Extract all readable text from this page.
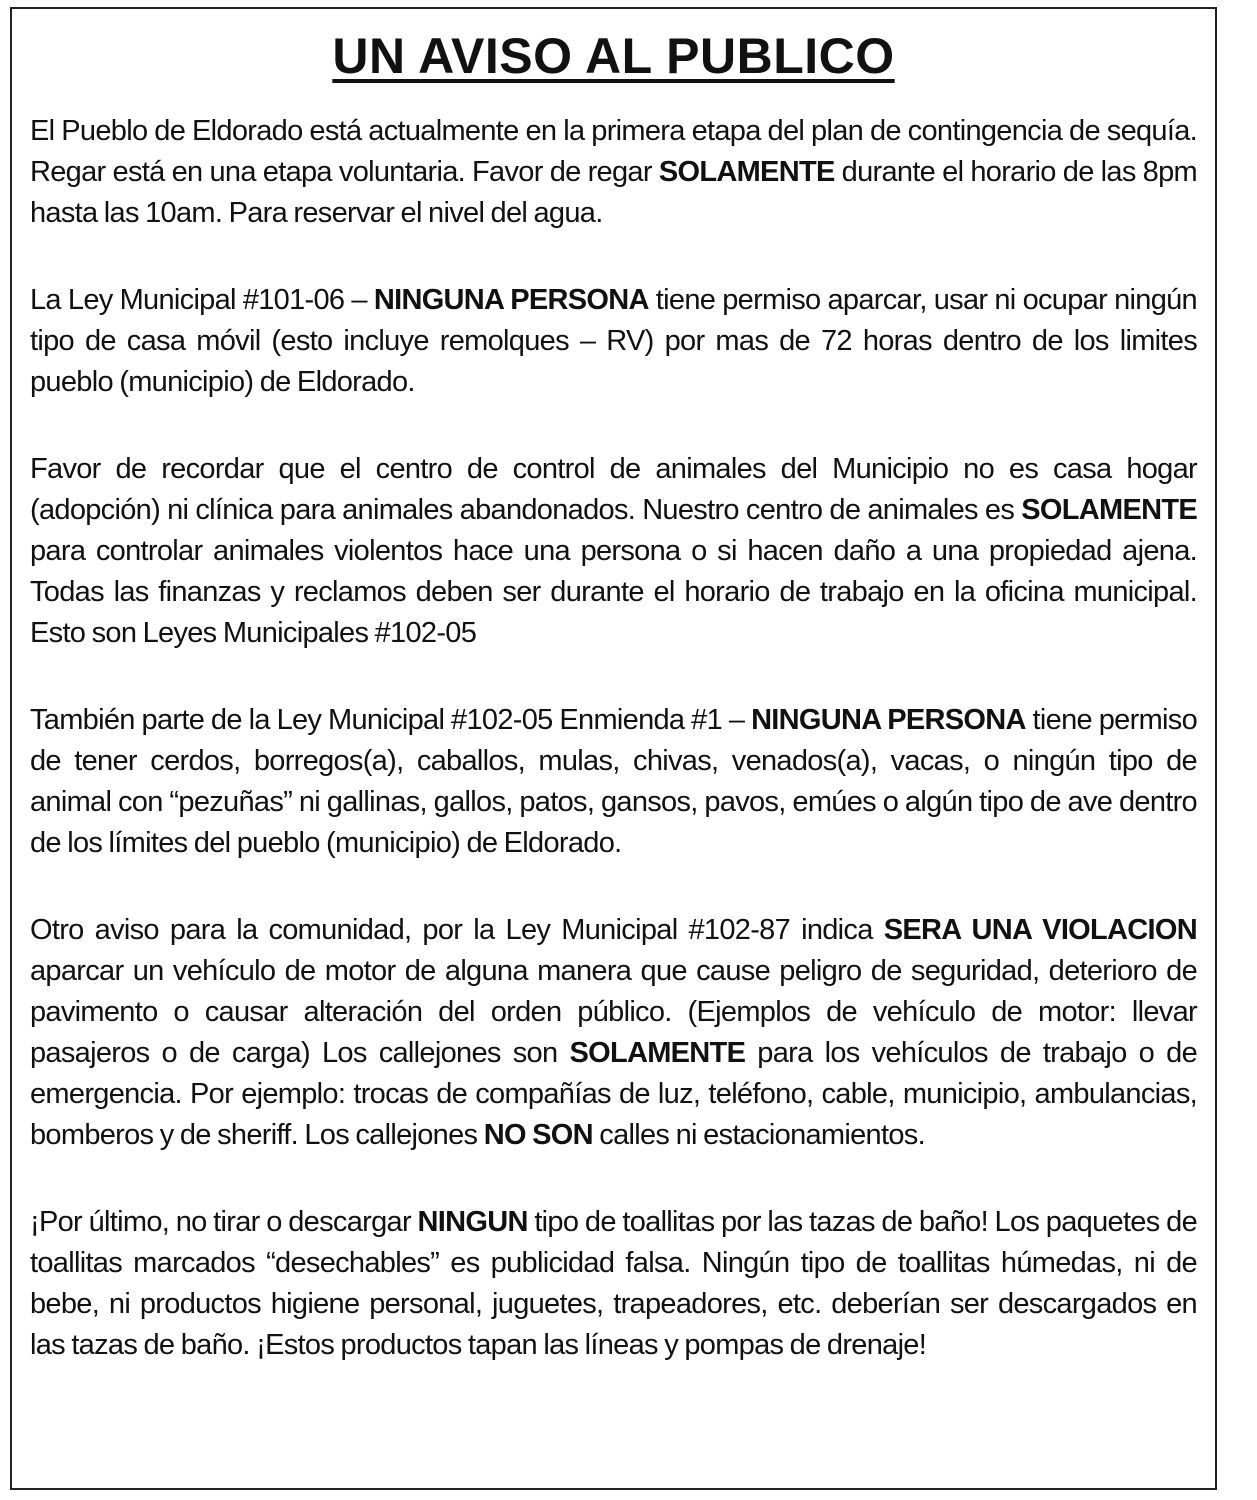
UN AVISO AL PUBLICO

El Pueblo de Eldorado está actualmente en la primera etapa del plan de contingencia de sequía. Regar está en una etapa voluntaria. Favor de regar SOLAMENTE durante el horario de las 8pm hasta las 10am. Para reservar el nivel del agua.

La Ley Municipal #101-06 – NINGUNA PERSONA tiene permiso aparcar, usar ni ocupar ningún tipo de casa móvil (esto incluye remolques – RV) por mas de 72 horas dentro de los limites pueblo (municipio) de Eldorado.

Favor de recordar que el centro de control de animales del Municipio no es casa hogar (adopción) ni clínica para animales abandonados. Nuestro centro de animales es SOLAMENTE para controlar animales violentos hace una persona o si hacen daño a una propiedad ajena. Todas las finanzas y reclamos deben ser durante el horario de trabajo en la oficina municipal. Esto son Leyes Municipales #102-05

También parte de la Ley Municipal #102-05 Enmienda #1 – NINGUNA PERSONA tiene permiso de tener cerdos, borregos(a), caballos, mulas, chivas, venados(a), vacas, o ningún tipo de animal con “pezuñas” ni gallinas, gallos, patos, gansos, pavos, emúes o algún tipo de ave dentro de los límites del pueblo (municipio) de Eldorado.

Otro aviso para la comunidad, por la Ley Municipal #102-87 indica SERA UNA VIOLACION aparcar un vehículo de motor de alguna manera que cause peligro de seguridad, deterioro de pavimento o causar alteración del orden público. (Ejemplos de vehículo de motor: llevar pasajeros o de carga) Los callejones son SOLAMENTE para los vehículos de trabajo o de emergencia. Por ejemplo: trocas de compañías de luz, teléfono, cable, municipio, ambulancias, bomberos y de sheriff. Los callejones NO SON calles ni estacionamientos.

¡Por último, no tirar o descargar NINGUN tipo de toallitas por las tazas de baño! Los paquetes de toallitas marcados “desechables” es publicidad falsa. Ningún tipo de toallitas húmedas, ni de bebe, ni productos higiene personal, juguetes, trapeadores, etc. deberían ser descargados en las tazas de baño. ¡Estos productos tapan las líneas y pompas de drenaje!
